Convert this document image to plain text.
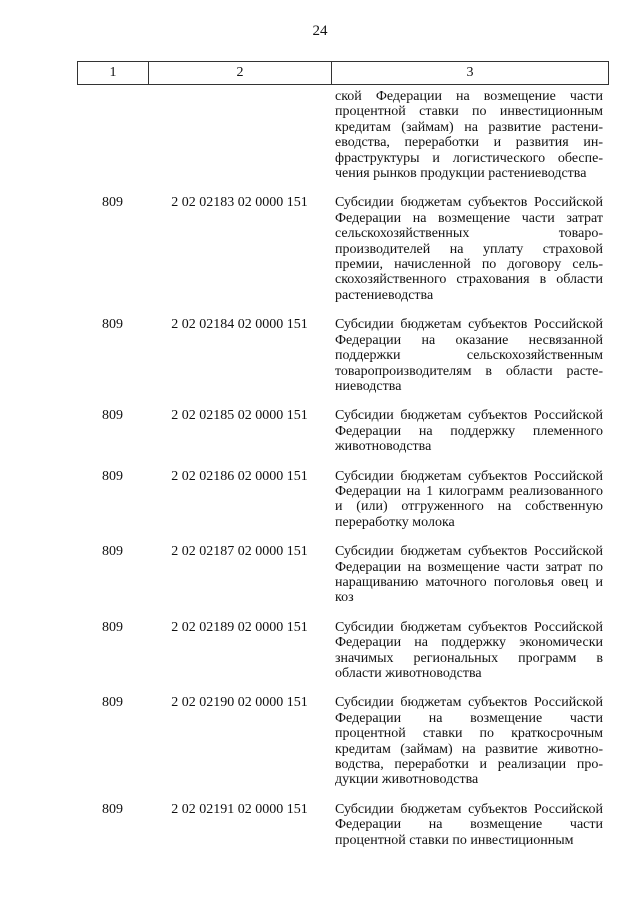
24
1	2	3
ской Федерации на возмещение части процентной ставки по инвестиционным кредитам (займам) на развитие растениеводства, переработки и развития инфраструктуры и логистического обеспечения рынков продукции растениеводства
809	2 02 02183 02 0000 151	Субсидии бюджетам субъектов Российской Федерации на возмещение части затрат сельскохозяйственных товаропроизводителей на уплату страховой премии, начисленной по договору сельскохозяйственного страхования в области растениеводства
809	2 02 02184 02 0000 151	Субсидии бюджетам субъектов Российской Федерации на оказание несвязанной поддержки сельскохозяйственным товаропроизводителям в области растениеводства
809	2 02 02185 02 0000 151	Субсидии бюджетам субъектов Российской Федерации на поддержку племенного животноводства
809	2 02 02186 02 0000 151	Субсидии бюджетам субъектов Российской Федерации на 1 килограмм реализованного и (или) отгруженного на собственную переработку молока
809	2 02 02187 02 0000 151	Субсидии бюджетам субъектов Российской Федерации на возмещение части затрат по наращиванию маточного поголовья овец и коз
809	2 02 02189 02 0000 151	Субсидии бюджетам субъектов Российской Федерации на поддержку экономически значимых региональных программ в области животноводства
809	2 02 02190 02 0000 151	Субсидии бюджетам субъектов Российской Федерации на возмещение части процентной ставки по краткосрочным кредитам (займам) на развитие животноводства, переработки и реализации продукции животноводства
809	2 02 02191 02 0000 151	Субсидии бюджетам субъектов Российской Федерации на возмещение части процентной ставки по инвестиционным
